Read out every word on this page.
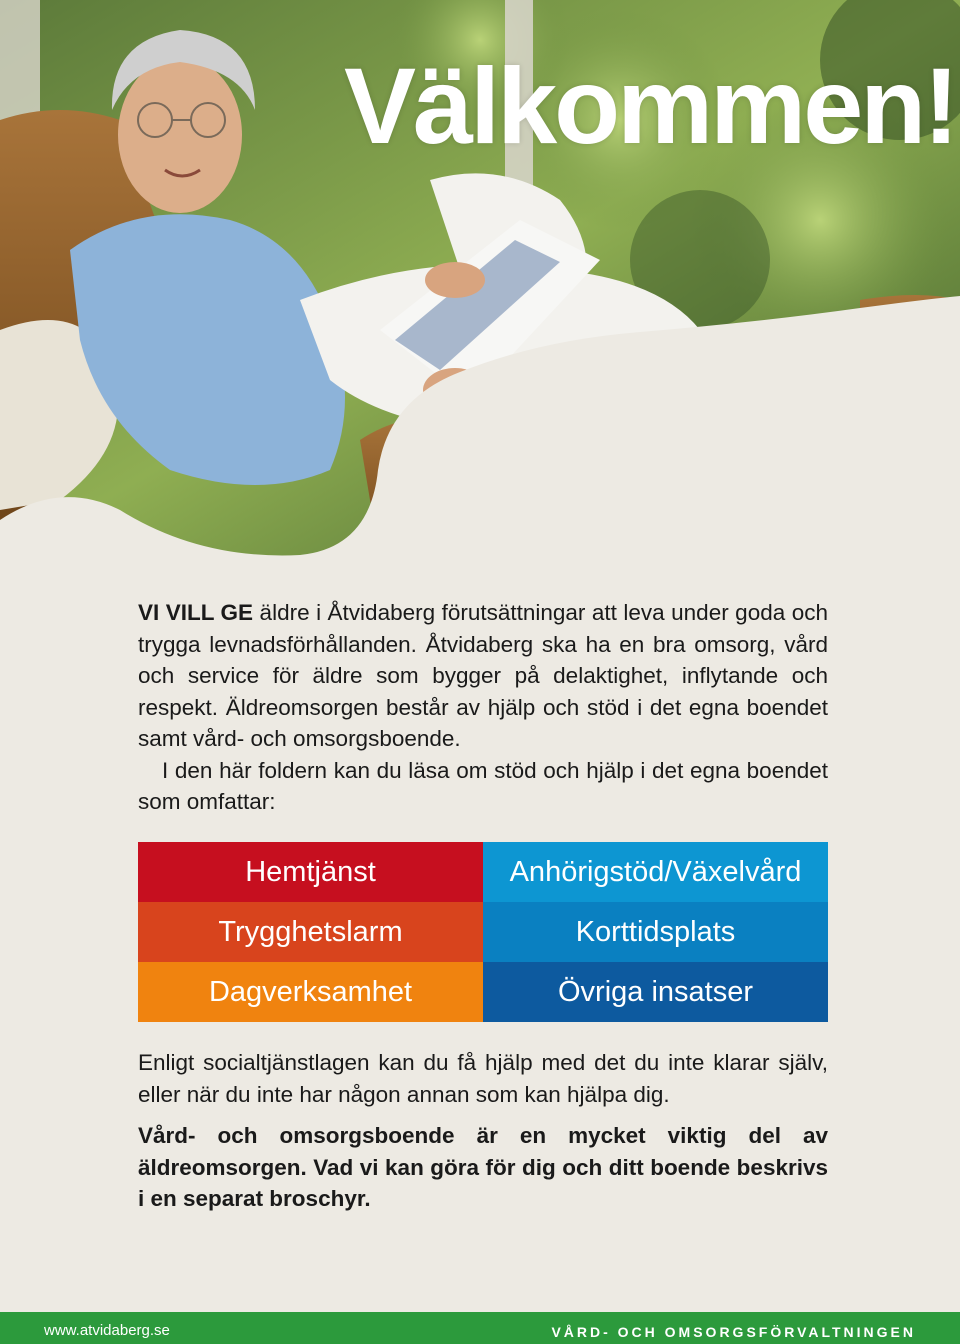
Välkommen!

VI VILL GE äldre i Åtvidaberg förutsättningar att leva under goda och trygga levnadsförhållanden. Åtvidaberg ska ha en bra omsorg, vård och service för äldre som bygger på delaktighet, inflytande och respekt. Äldreomsorgen består av hjälp och stöd i det egna boendet samt vård- och omsorgsboende.

I den här foldern kan du läsa om stöd och hjälp i det egna boendet som omfattar:

Hemtjänst	Anhörigstöd/Växelvård
Trygghetslarm	Korttidsplats
Dagverksamhet	Övriga insatser

Enligt socialtjänstlagen kan du få hjälp med det du inte klarar själv, eller när du inte har någon annan som kan hjälpa dig.

Vård- och omsorgsboende är en mycket viktig del av äldreomsorgen. Vad vi kan göra för dig och ditt boende beskrivs i en separat broschyr.

www.atvidaberg.se	VÅRD- OCH OMSORGSFÖRVALTNINGEN
